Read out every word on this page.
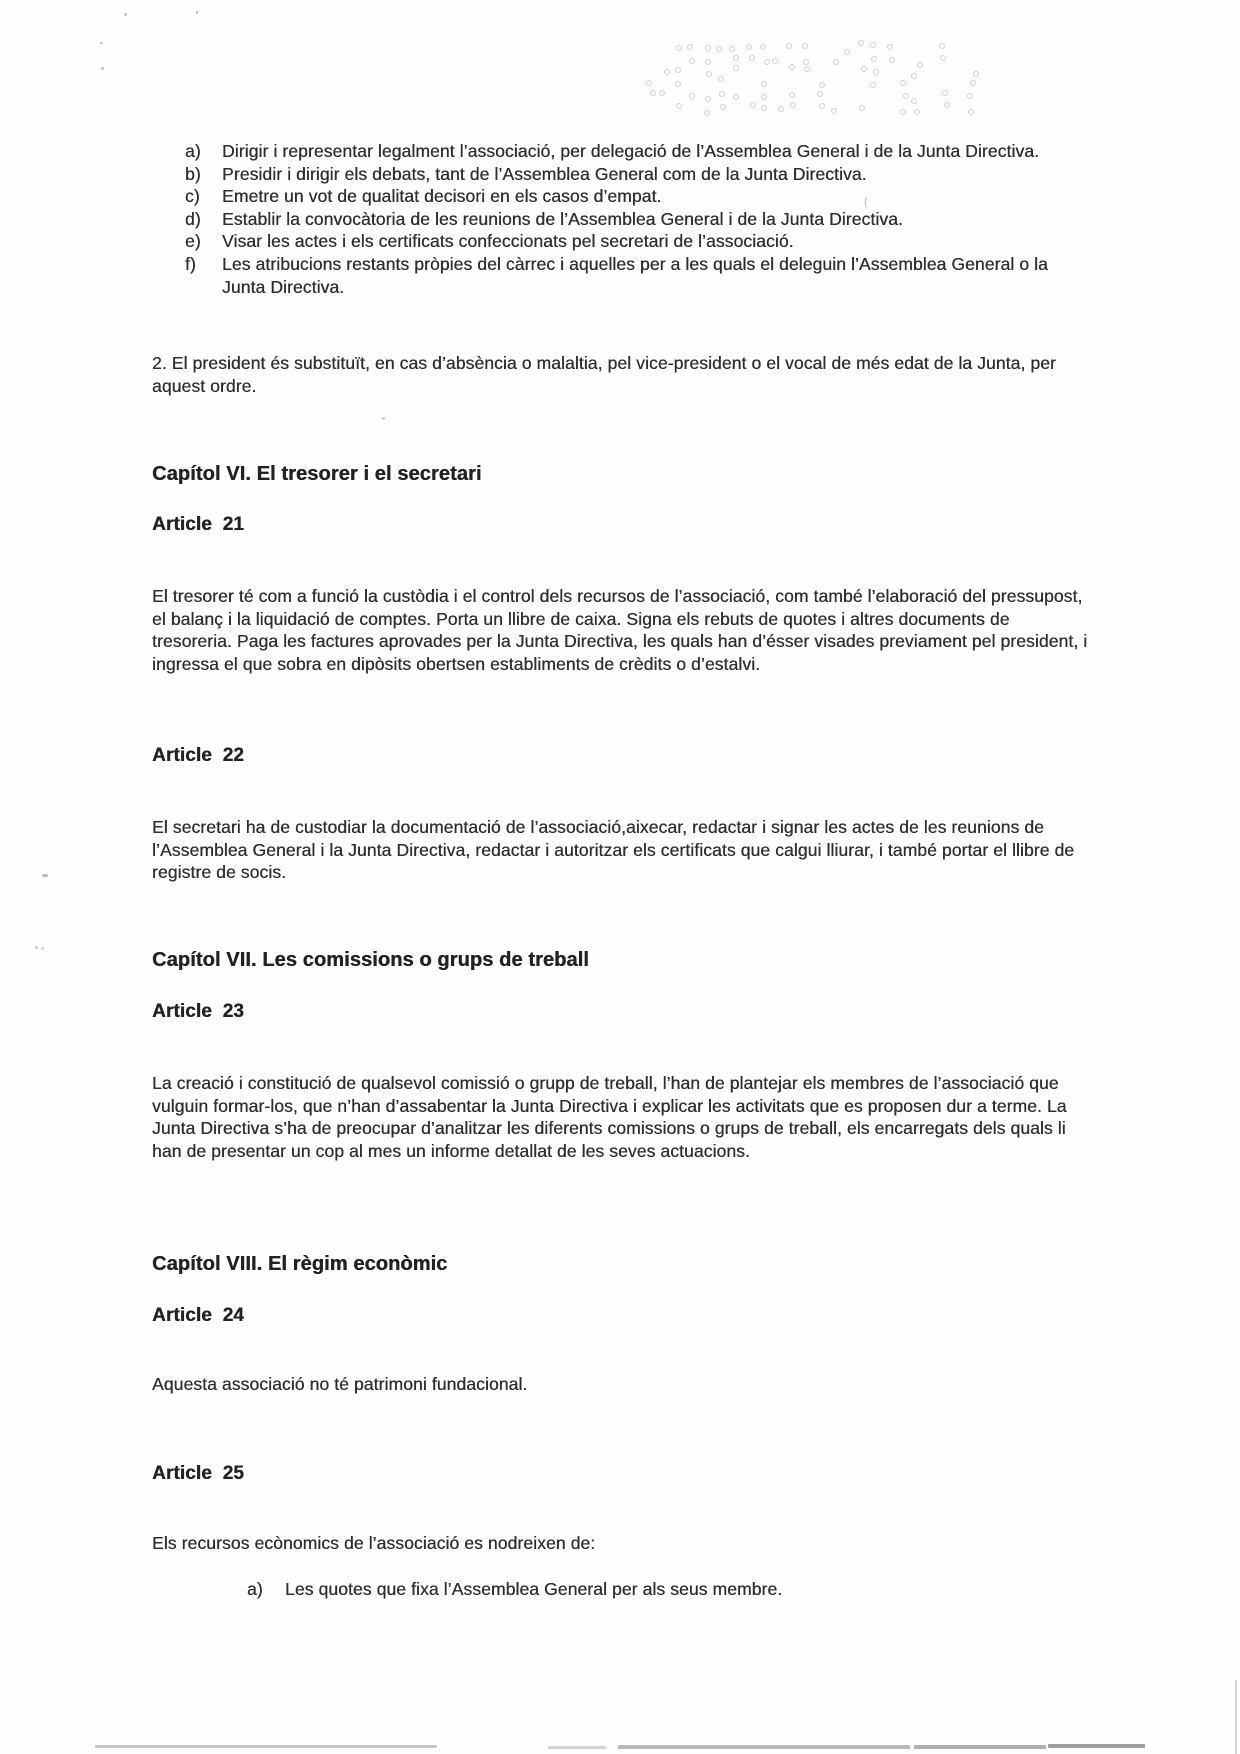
(
a)	Dirigir i representar legalment l’associació, per delegació de l’Assemblea General i de la Junta Directiva.
b)	Presidir i dirigir els debats, tant de l’Assemblea General com de la Junta Directiva.
c)	Emetre un vot de qualitat decisori en els casos d’empat.
d)	Establir la convocàtoria de les reunions de l’Assemblea General i de la Junta Directiva.
e)	Visar les actes i els certificats confeccionats pel secretari de l’associació.
f)	Les atribucions restants pròpies del càrrec i aquelles per a les quals el deleguin l’Assemblea General o la Junta Directiva.
2. El president és substituït, en cas d’absència o malaltia, pel vice-president o el vocal de més edat de la Junta, per aquest ordre.
Capítol VI. El tresorer i el secretari
Article  21
El tresorer té com a funció la custòdia i el control dels recursos de l’associació, com també l’elaboració del pressupost, el balanç i la liquidació de comptes. Porta un llibre de caixa. Signa els rebuts de quotes i altres documents de tresoreria. Paga les factures aprovades per la Junta Directiva, les quals han d’ésser visades previament pel president, i ingressa el que sobra en dipòsits obertsen establiments de crèdits o d’estalvi.
Article  22
El secretari ha de custodiar la documentació de l’associació,aixecar, redactar i signar les actes de les reunions de l’Assemblea General i la Junta Directiva, redactar i autoritzar els certificats que calgui lliurar, i també portar el llibre de registre de socis.
Capítol VII. Les comissions o grups de treball
Article  23
La creació i constitució de qualsevol comissió o grupp de treball, l’han de plantejar els membres de l’associació que vulguin formar-los, que n’han d’assabentar la Junta Directiva i explicar les activitats que es proposen dur a terme. La Junta Directiva s’ha de preocupar d’analitzar les diferents comissions o grups de treball, els encarregats dels quals li han de presentar un cop al mes un informe detallat de les seves actuacions.
Capítol VIII. El règim econòmic
Article  24
Aquesta associació no té patrimoni fundacional.
Article  25
Els recursos ecònomics de l’associació es nodreixen de:
a)	Les quotes que fixa l’Assemblea General per als seus membre.
